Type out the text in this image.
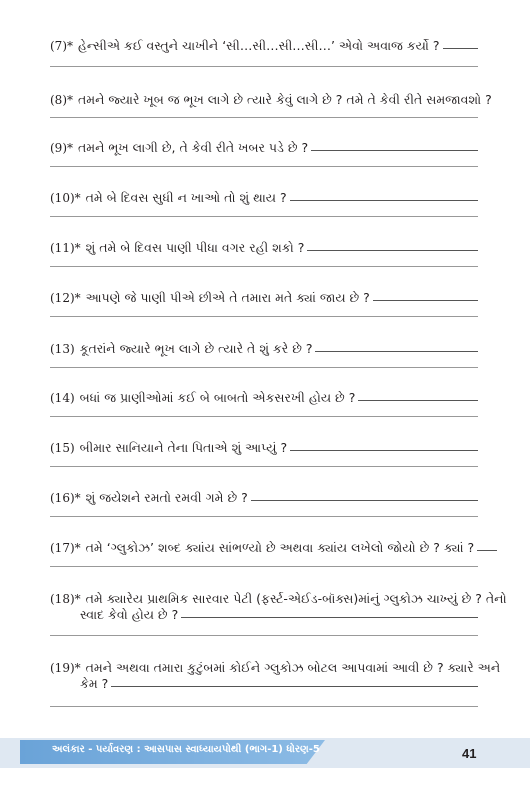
(7)* હેન્સીએ કઈ વસ્તુને ચાખીને ‘સી…સી…સી…સી…’ એવો અવાજ કર્યો ?
(8)* તમને જ્યારે ખૂબ જ ભૂખ લાગે છે ત્યારે કેવું લાગે છે ? તમે તે કેવી રીતે સમજાવશો ?
(9)* તમને ભૂખ લાગી છે, તે કેવી રીતે ખબર પડે છે ?
(10)* તમે બે દિવસ સુધી ન ખાઓ તો શું થાય ?
(11)* શું તમે બે દિવસ પાણી પીધા વગર રહી શકો ?
(12)* આપણે જે પાણી પીએ છીએ તે તમારા મતે ક્યાં જાય છે ?
(13) કૂતરાંને જ્યારે ભૂખ લાગે છે ત્યારે તે શું કરે છે ?
(14) બધાં જ પ્રાણીઓમાં કઈ બે બાબતો એકસરખી હોય છે ?
(15) બીમાર સાનિયાને તેના પિતાએ શું આપ્યું ?
(16)* શું જયેશને રમતો રમવી ગમે છે ?
(17)* તમે ‘ગ્લુકોઝ’ શબ્દ ક્યાંય સાંભળ્યો છે અથવા ક્યાંય લખેલો જોયો છે ? ક્યાં ?
(18)* તમે ક્યારેય પ્રાથમિક સારવાર પેટી (ફર્સ્ટ-એઈડ-બૉક્સ)માંનું ગ્લુકોઝ ચાખ્યું છે ? તેનો
સ્વાદ કેવો હોય છે ?
(19)* તમને અથવા તમારા કુટુંબમાં કોઈને ગ્લુકોઝ બોટલ આપવામાં આવી છે ? ક્યારે અને
કેમ ?
અલંકાર - પર્યાવરણ : આસપાસ સ્વાધ્યાયપોથી (ભાગ-1) ધોરણ-5	41
